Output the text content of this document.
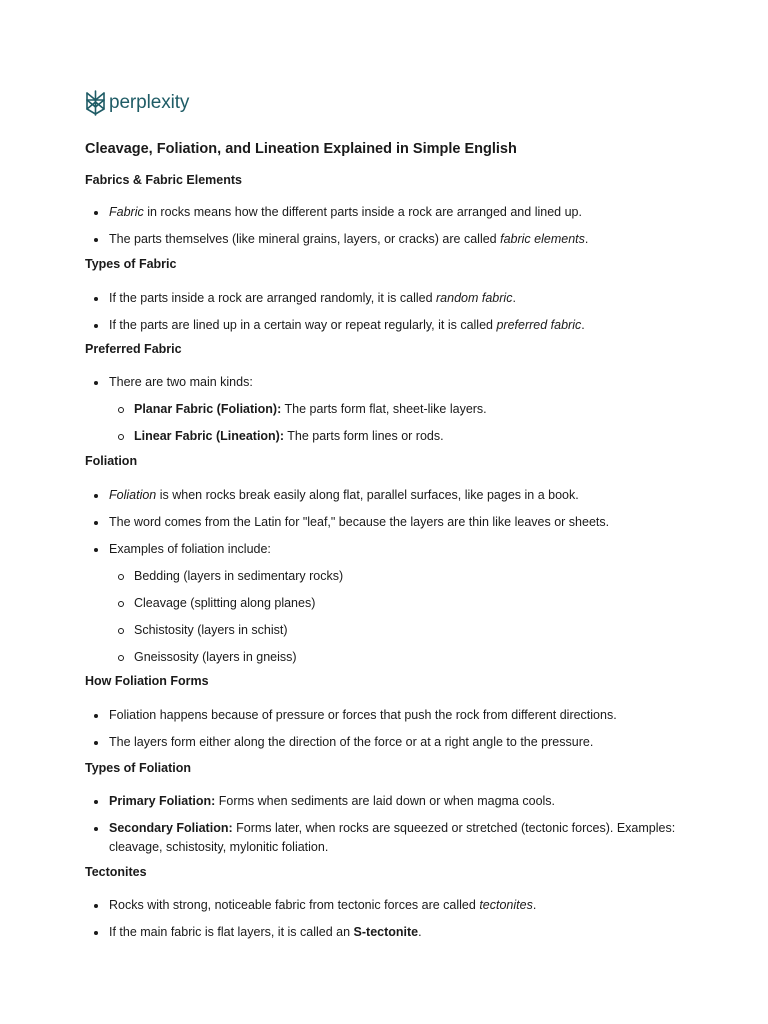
perplexity
Cleavage, Foliation, and Lineation Explained in Simple English
Fabrics & Fabric Elements
Fabric in rocks means how the different parts inside a rock are arranged and lined up.
The parts themselves (like mineral grains, layers, or cracks) are called fabric elements.
Types of Fabric
If the parts inside a rock are arranged randomly, it is called random fabric.
If the parts are lined up in a certain way or repeat regularly, it is called preferred fabric.
Preferred Fabric
There are two main kinds:
Planar Fabric (Foliation): The parts form flat, sheet-like layers.
Linear Fabric (Lineation): The parts form lines or rods.
Foliation
Foliation is when rocks break easily along flat, parallel surfaces, like pages in a book.
The word comes from the Latin for "leaf," because the layers are thin like leaves or sheets.
Examples of foliation include:
Bedding (layers in sedimentary rocks)
Cleavage (splitting along planes)
Schistosity (layers in schist)
Gneissosity (layers in gneiss)
How Foliation Forms
Foliation happens because of pressure or forces that push the rock from different directions.
The layers form either along the direction of the force or at a right angle to the pressure.
Types of Foliation
Primary Foliation: Forms when sediments are laid down or when magma cools.
Secondary Foliation: Forms later, when rocks are squeezed or stretched (tectonic forces). Examples: cleavage, schistosity, mylonitic foliation.
Tectonites
Rocks with strong, noticeable fabric from tectonic forces are called tectonites.
If the main fabric is flat layers, it is called an S-tectonite.
